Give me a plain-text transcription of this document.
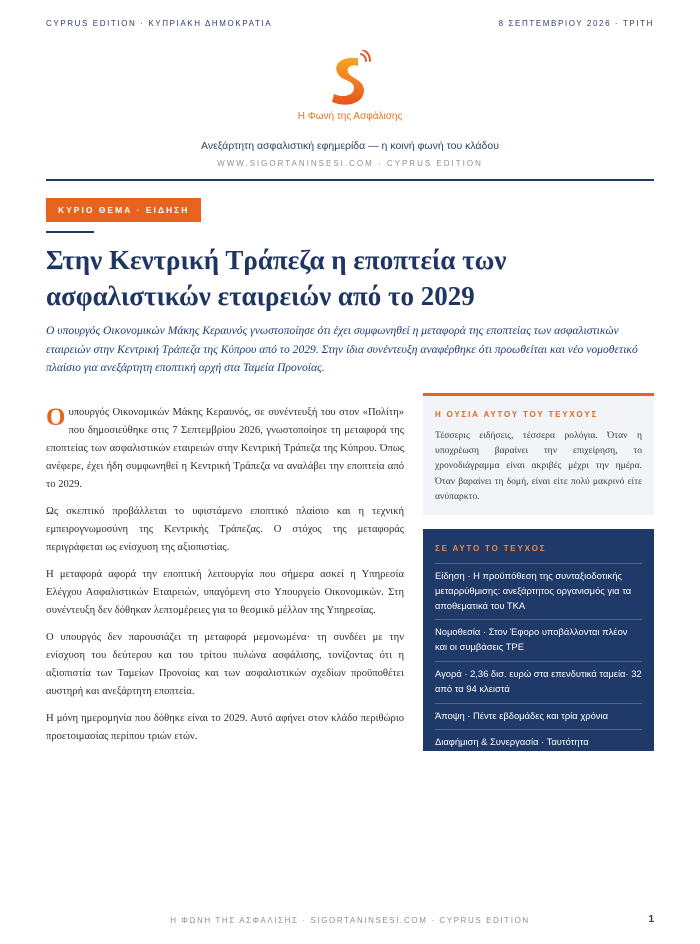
CYPRUS EDITION · ΚΥΠΡΙΑΚΗ ΔΗΜΟΚΡΑΤΙΑ	8 ΣΕΠΤΕΜΒΡΙΟΥ 2026 · ΤΡΙΤΗ
Η Φωνή της Ασφάλισης
Ανεξάρτητη ασφαλιστική εφημερίδα — η κοινή φωνή του κλάδου
WWW.SIGORTANINSESI.COM · CYPRUS EDITION
ΚΥΡΙΟ ΘΕΜΑ · ΕΙΔΗΣΗ
Στην Κεντρική Τράπεζα η εποπτεία των
ασφαλιστικών εταιρειών από το 2029

Ο υπουργός Οικονομικών Μάκης Κεραυνός γνωστοποίησε ότι έχει συμφωνηθεί η μεταφορά της εποπτείας των ασφαλιστικών εταιρειών στην Κεντρική Τράπεζα της Κύπρου από το 2029. Στην ίδια συνέντευξη αναφέρθηκε ότι προωθείται και νέο νομοθετικό πλαίσιο για ανεξάρτητη εποπτική αρχή στα Ταμεία Προνοίας.

Ο υπουργός Οικονομικών Μάκης Κεραυνός, σε συνέντευξή του στον «Πολίτη» που δημοσιεύθηκε στις 7 Σεπτεμβρίου 2026, γνωστοποίησε τη μεταφορά της εποπτείας των ασφαλιστικών εταιρειών στην Κεντρική Τράπεζα της Κύπρου. Όπως ανέφερε, έχει ήδη συμφωνηθεί η Κεντρική Τράπεζα να αναλάβει την εποπτεία από το 2029.

Ως σκεπτικό προβάλλεται το υφιστάμενο εποπτικό πλαίσιο και η τεχνική εμπειρογνωμοσύνη της Κεντρικής Τράπεζας. Ο στόχος της μεταφοράς περιγράφεται ως ενίσχυση της αξιοπιστίας.

Η μεταφορά αφορά την εποπτική λειτουργία που σήμερα ασκεί η Υπηρεσία Ελέγχου Ασφαλιστικών Εταιρειών, υπαγόμενη στο Υπουργείο Οικονομικών. Στη συνέντευξη δεν δόθηκαν λεπτομέρειες για το θεσμικό μέλλον της Υπηρεσίας.

Ο υπουργός δεν παρουσιάζει τη μεταφορά μεμονωμένα· τη συνδέει με την ενίσχυση του δεύτερου και του τρίτου πυλώνα ασφάλισης, τονίζοντας ότι η αξιοπιστία των Ταμείων Προνοίας και των ασφαλιστικών σχεδίων προϋποθέτει αυστηρή και ανεξάρτητη εποπτεία.

Η μόνη ημερομηνία που δόθηκε είναι το 2029. Αυτό αφήνει στον κλάδο περιθώριο προετοιμασίας περίπου τριών ετών.

Η ΟΥΣΙΑ ΑΥΤΟΥ ΤΟΥ ΤΕΥΧΟΥΣ
Τέσσερις ειδήσεις, τέσσερα ρολόγια. Όταν η υποχρέωση βαραίνει την επιχείρηση, το χρονοδιάγραμμα είναι ακριβές μέχρι την ημέρα. Όταν βαραίνει τη δομή, είναι είτε πολύ μακρινό είτε ανύπαρκτο.
ΣΕ ΑΥΤΟ ΤΟ ΤΕΥΧΟΣ
Είδηση · Η προϋπόθεση της συνταξιοδοτικής μεταρρύθμισης: ανεξάρτητος οργανισμός για τα αποθεματικά του ΤΚΑ
Νομοθεσία · Στον Έφορο υποβάλλονται πλέον και οι συμβάσεις ΤΡΕ
Αγορά · 2,36 δισ. ευρώ στα επενδυτικά ταμεία· 32 από τα 94 κλειστά
Άποψη · Πέντε εβδομάδες και τρία χρόνια
Διαφήμιση & Συνεργασία · Ταυτότητα
Η ΦΩΝΗ ΤΗΣ ΑΣΦΑΛΙΣΗΣ · SIGORTANINSESI.COM · CYPRUS EDITION	1
